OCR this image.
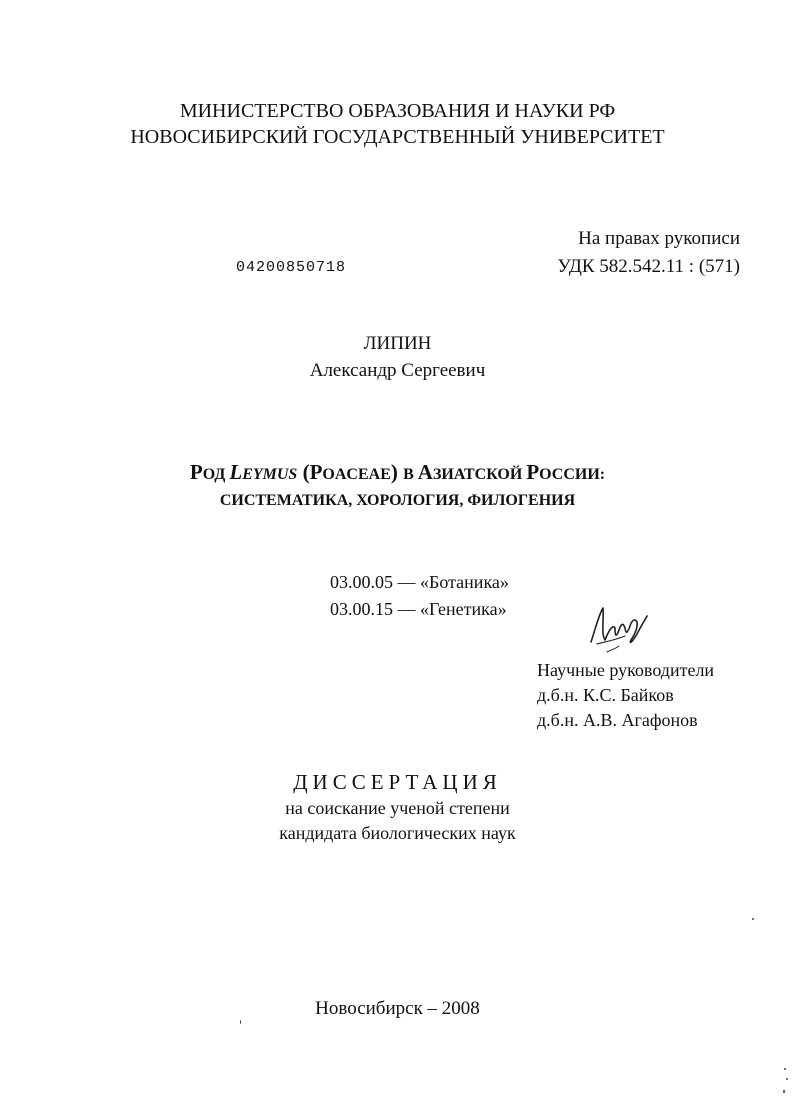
МИНИСТЕРСТВО ОБРАЗОВАНИЯ И НАУКИ РФ
НОВОСИБИРСКИЙ ГОСУДАРСТВЕННЫЙ УНИВЕРСИТЕТ
На правах рукописи
УДК 582.542.11 : (571)
04200850718
ЛИПИН
Александр Сергеевич
РОД LEYMUS (POACEAE) В АЗИАТСКОЙ РОССИИ:
СИСТЕМАТИКА, ХОРОЛОГИЯ, ФИЛОГЕНИЯ
03.00.05 — «Ботаника»
03.00.15 — «Генетика»
Научные руководители
д.б.н. К.С. Байков
д.б.н. А.В. Агафонов
ДИССЕРТАЦИЯ
на соискание ученой степени
кандидата биологических наук
Новосибирск – 2008
